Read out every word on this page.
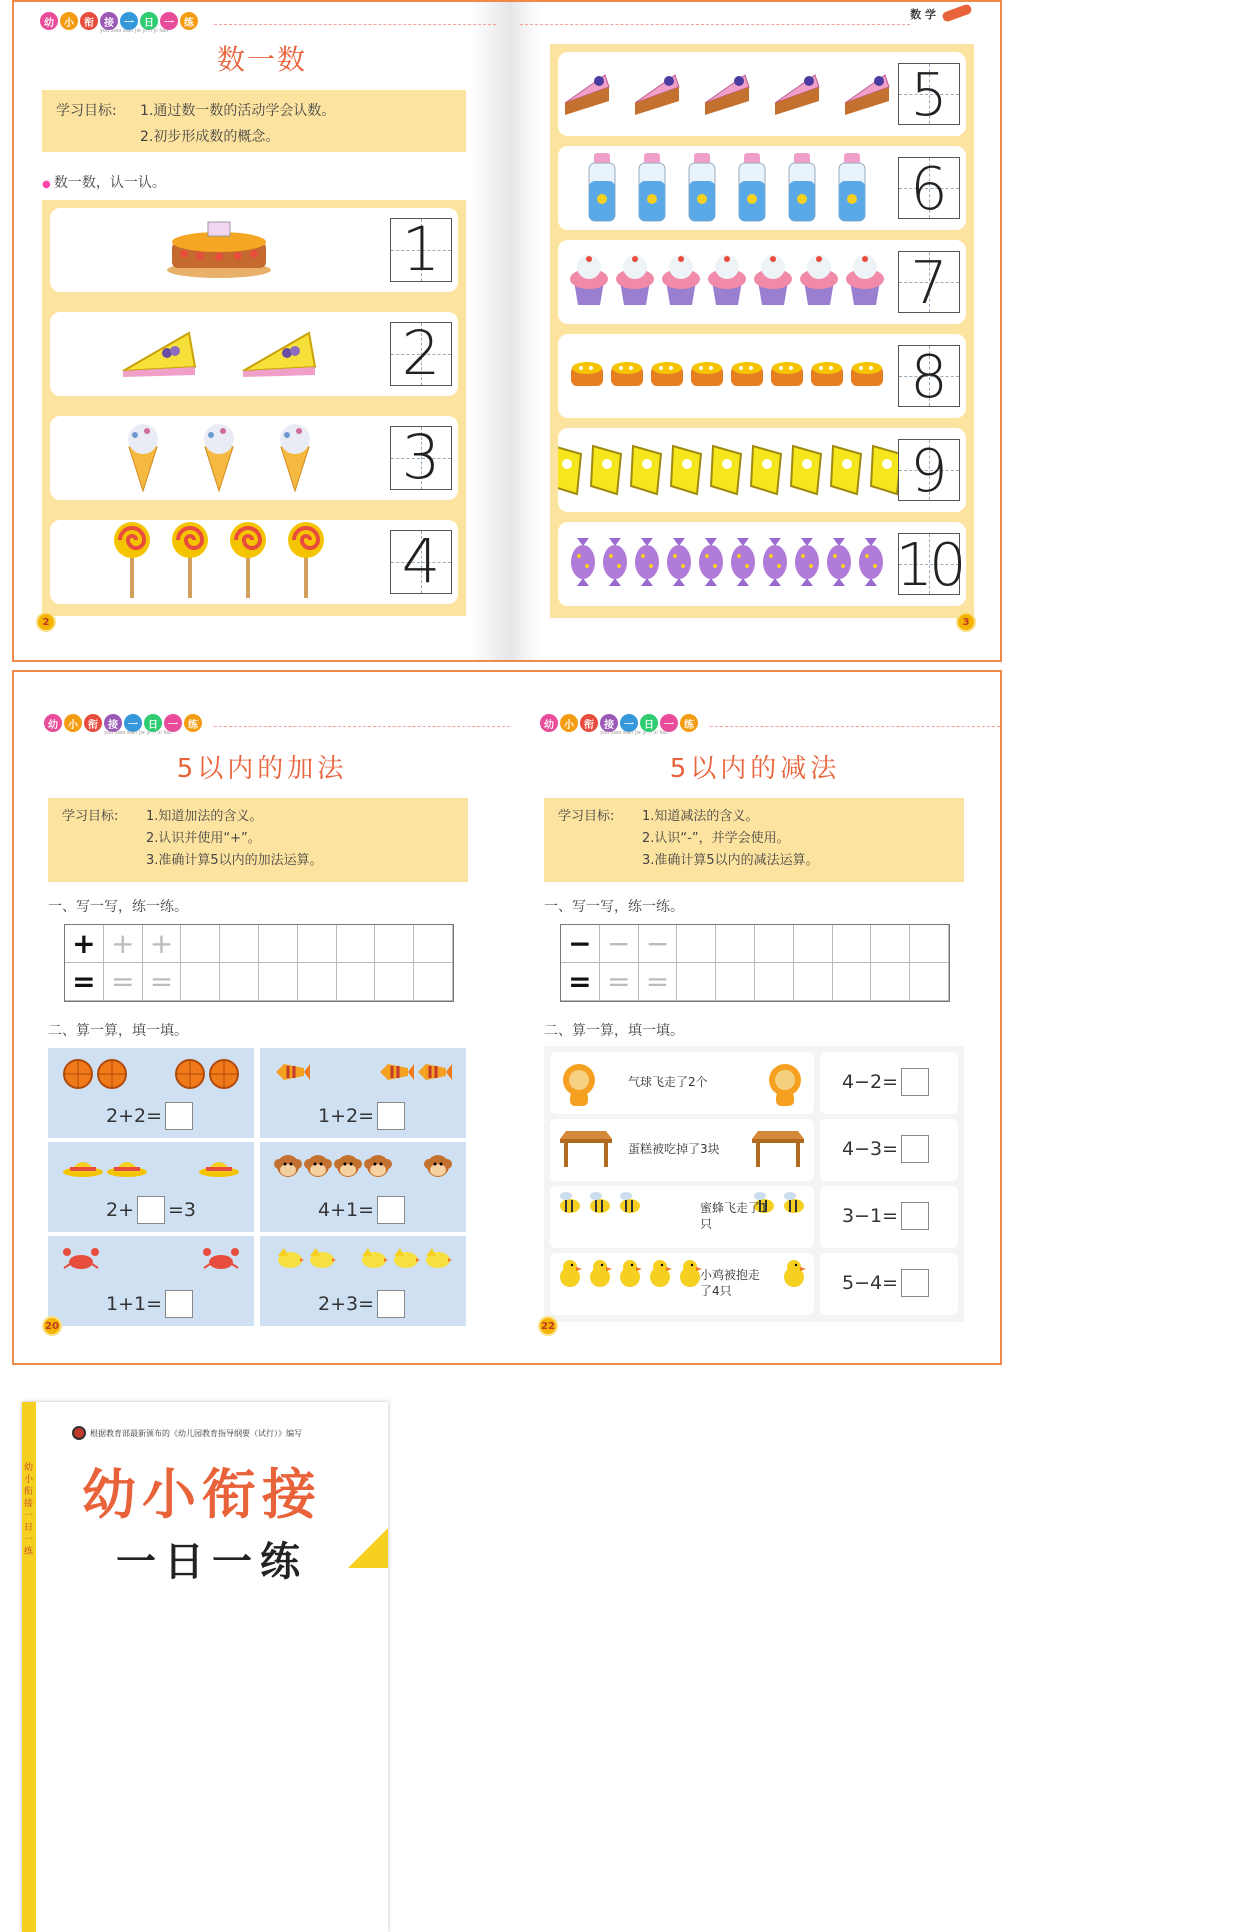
幼	小	衔	接	一	日	一	练
you xiao xian jie yi ri yi lian
数一数
学习目标: 1.通过数一数的活动学会认数。
2.初步形成数的概念。
● 数一数，认一认。
1
2
3
4
2
数 学
5
6
7
8
9
10
3
幼	小	衔	接	一	日	一	练
you xiao xian jie yi ri yi lian
5以内的加法
学习目标: 1.知道加法的含义。
2.认识并使用“+”。
3.准确计算5以内的加法运算。
一、写一写，练一练。
+ + +
= = =
二、算一算，填一填。
2+2=	1+2=
2+ =3	4+1=
1+1=	2+3=
20
幼	小	衔	接	一	日	一	练
you xiao xian jie yi ri yi lian
5以内的减法
学习目标: 1.知道减法的含义。
2.认识“-”，并学会使用。
3.准确计算5以内的减法运算。
一、写一写，练一练。
− − −
= = =
二、算一算，填一填。
气球飞走了2个	4−2=
蛋糕被吃掉了3块	4−3=
蜜蜂飞走了1只	3−1=
小鸡被抱走了4只	5−4=
22
幼小衔接一日一练
根据教育部最新颁布的《幼儿园教育指导纲要（试行）》编写
幼小衔接
一日一练
